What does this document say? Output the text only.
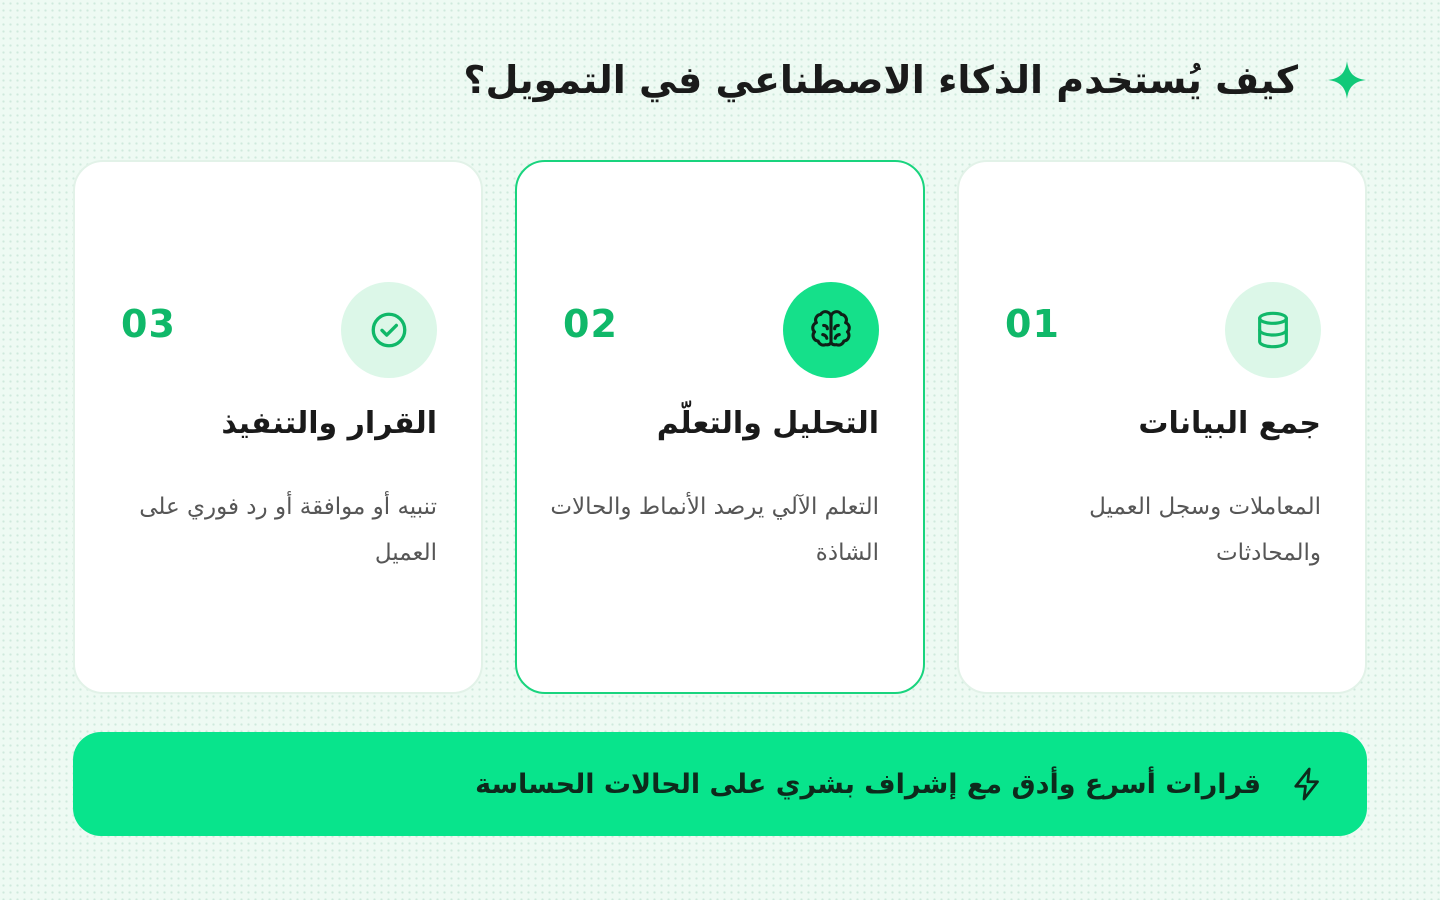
كيف يُستخدم الذكاء الاصطناعي في التمويل؟
01
جمع البيانات
المعاملات وسجل العميل والمحادثات
02
التحليل والتعلّم
التعلم الآلي يرصد الأنماط والحالات الشاذة
03
القرار والتنفيذ
تنبيه أو موافقة أو رد فوري على العميل
قرارات أسرع وأدق مع إشراف بشري على الحالات الحساسة
